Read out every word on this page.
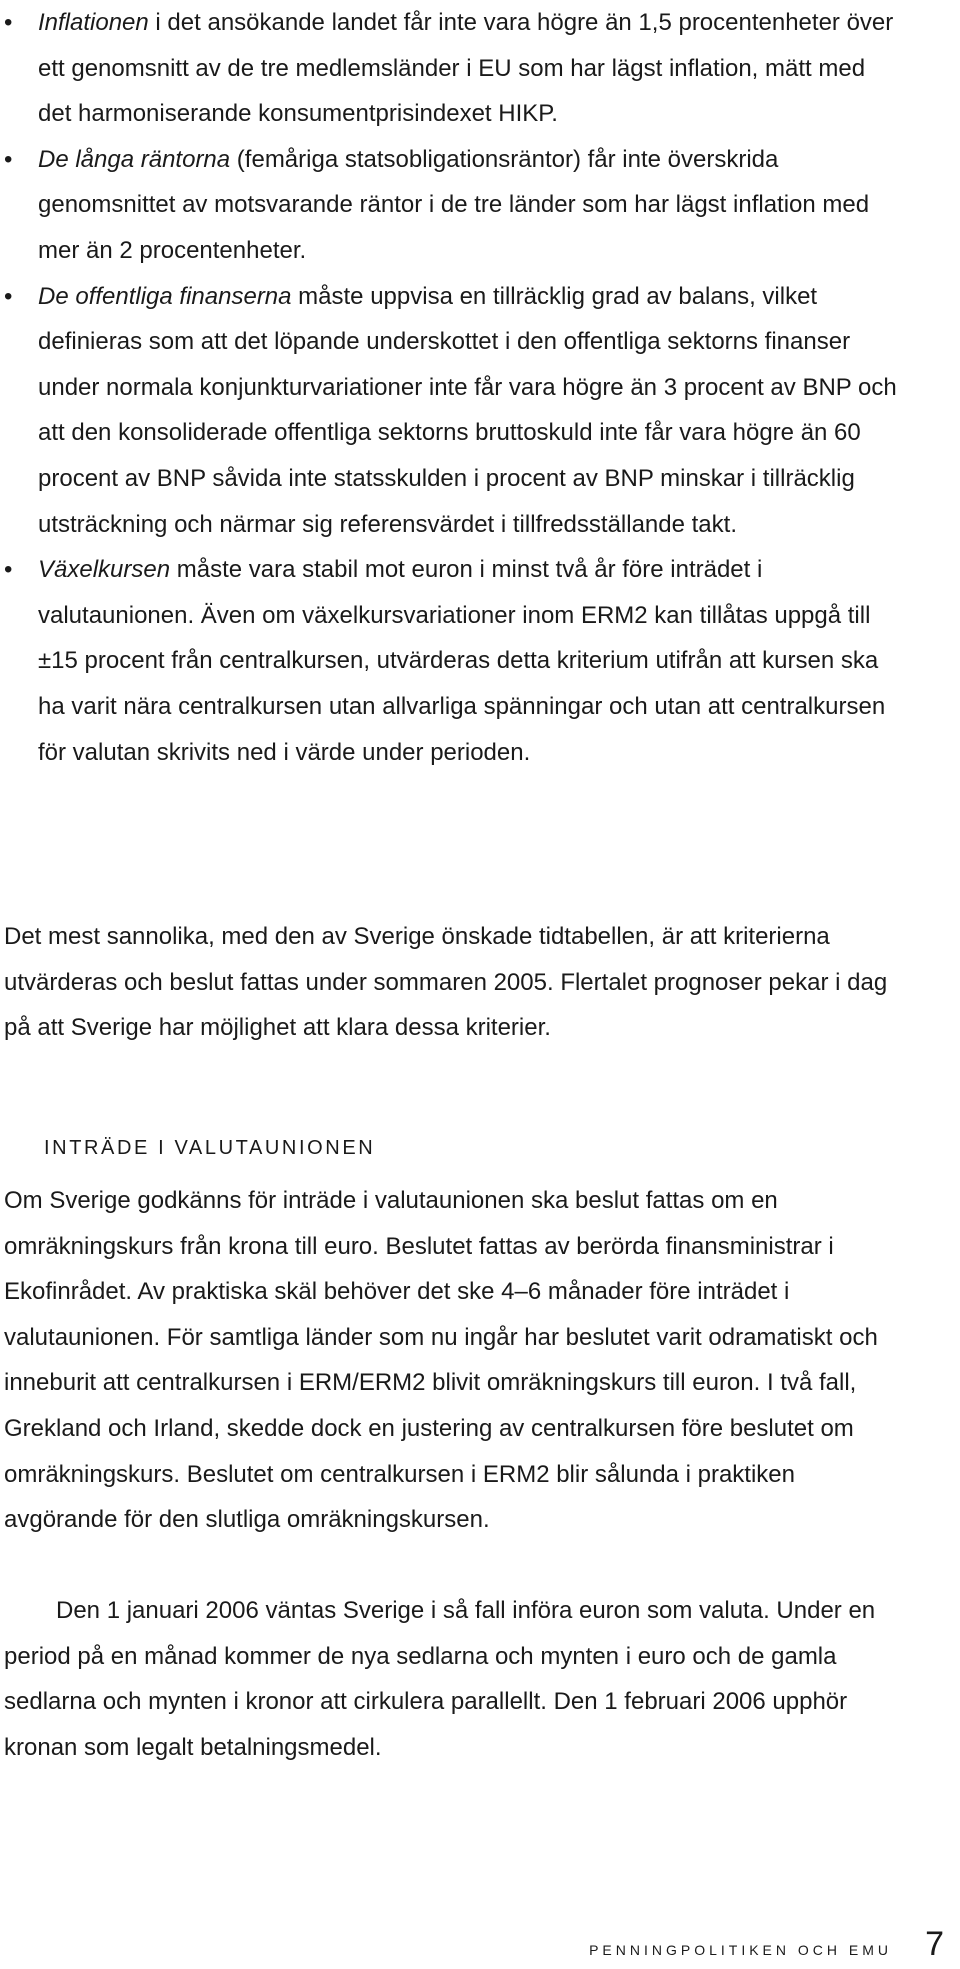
• Inflationen i det ansökande landet får inte vara högre än 1,5 procentenheter över ett genomsnitt av de tre medlemsländer i EU som har lägst inflation, mätt med det harmoniserande konsumentprisindexet HIKP.
• De långa räntorna (femåriga statsobligationsräntor) får inte överskrida genomsnittet av motsvarande räntor i de tre länder som har lägst inflation med mer än 2 procentenheter.
• De offentliga finanserna måste uppvisa en tillräcklig grad av balans, vilket definieras som att det löpande underskottet i den offentliga sektorns finanser under normala konjunkturvariationer inte får vara högre än 3 procent av BNP och att den konsoliderade offentliga sektorns bruttoskuld inte får vara högre än 60 procent av BNP såvida inte statsskulden i procent av BNP minskar i tillräcklig utsträckning och närmar sig referensvärdet i tillfredsställande takt.
• Växelkursen måste vara stabil mot euron i minst två år före inträdet i valutaunionen. Även om växelkursvariationer inom ERM2 kan tillåtas uppgå till ±15 procent från centralkursen, utvärderas detta kriterium utifrån att kursen ska ha varit nära centralkursen utan allvarliga spänningar och utan att centralkursen för valutan skrivits ned i värde under perioden.

Det mest sannolika, med den av Sverige önskade tidtabellen, är att kriterierna utvärderas och beslut fattas under sommaren 2005. Flertalet prognoser pekar i dag på att Sverige har möjlighet att klara dessa kriterier.

INTRÄDE I VALUTAUNIONEN

Om Sverige godkänns för inträde i valutaunionen ska beslut fattas om en omräkningskurs från krona till euro. Beslutet fattas av berörda finansministrar i Ekofinrådet. Av praktiska skäl behöver det ske 4–6 månader före inträdet i valutaunionen. För samtliga länder som nu ingår har beslutet varit odramatiskt och inneburit att centralkursen i ERM/ERM2 blivit omräkningskurs till euron. I två fall, Grekland och Irland, skedde dock en justering av centralkursen före beslutet om omräkningskurs. Beslutet om centralkursen i ERM2 blir sålunda i praktiken avgörande för den slutliga omräkningskursen.

Den 1 januari 2006 väntas Sverige i så fall införa euron som valuta. Under en period på en månad kommer de nya sedlarna och mynten i euro och de gamla sedlarna och mynten i kronor att cirkulera parallellt. Den 1 februari 2006 upphör kronan som legalt betalningsmedel.

PENNINGPOLITIKEN OCH EMU 7
